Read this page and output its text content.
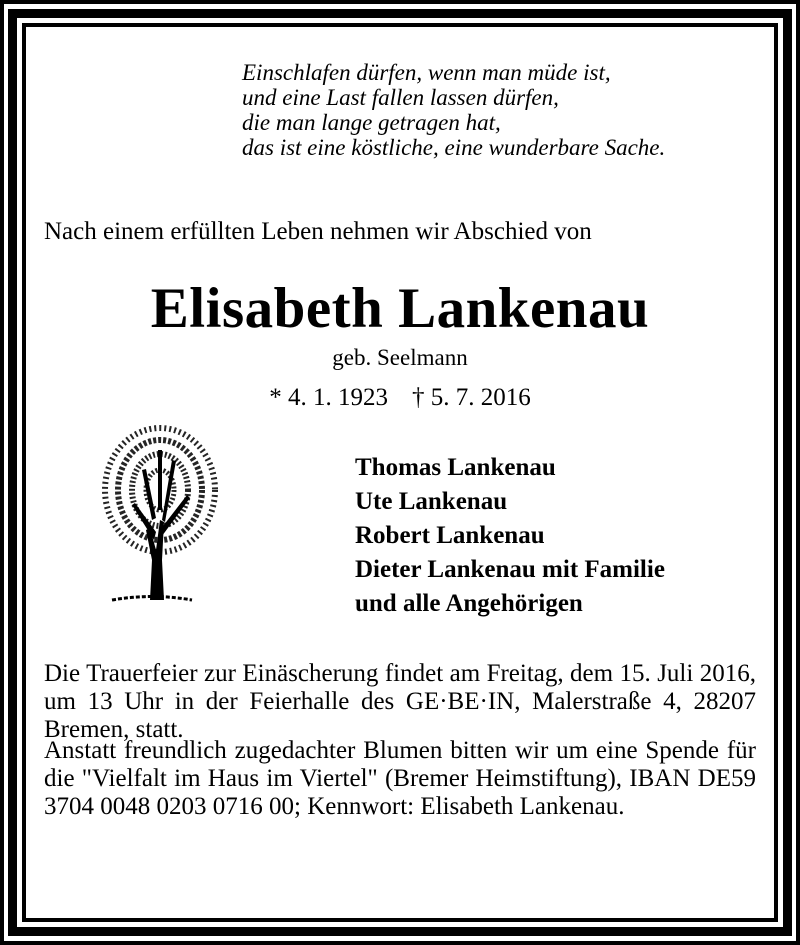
Einschlafen dürfen, wenn man müde ist,
und eine Last fallen lassen dürfen,
die man lange getragen hat,
das ist eine köstliche, eine wunderbare Sache.
Nach einem erfüllten Leben nehmen wir Abschied von
Elisabeth Lankenau
geb. Seelmann
* 4. 1. 1923 † 5. 7. 2016
Thomas Lankenau
Ute Lankenau
Robert Lankenau
Dieter Lankenau mit Familie
und alle Angehörigen
Die Trauerfeier zur Einäscherung findet am Freitag, dem 15. Juli 2016, um 13 Uhr in der Feierhalle des GE·BE·IN, Malerstraße 4, 28207 Bremen, statt.
Anstatt freundlich zugedachter Blumen bitten wir um eine Spende für die "Vielfalt im Haus im Viertel" (Bremer Heimstiftung), IBAN DE59 3704 0048 0203 0716 00; Kennwort: Elisabeth Lankenau.
